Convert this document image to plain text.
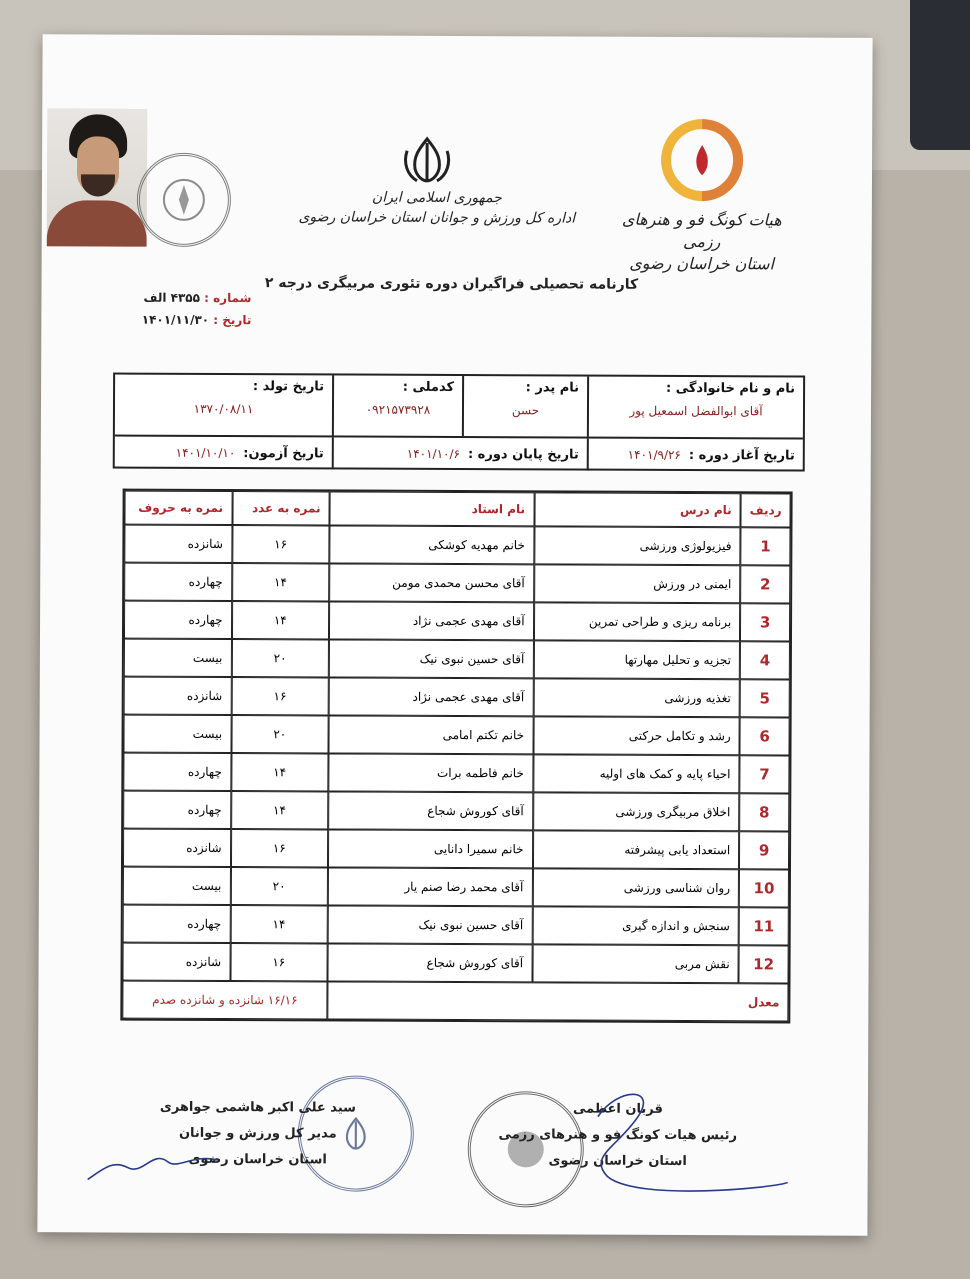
شماره : ۴۳۵۵ الف
تاریخ : ۱۴۰۱/۱۱/۳۰
جمهوری اسلامی ایران
اداره کل ورزش و جوانان استان خراسان رضوی	هیات کونگ فو و هنرهای رزمی
استان خراسان رضوی
کارنامه تحصیلی فراگیران دوره تئوری مربیگری درجه ۲
نام و نام خانوادگی :
آقای ابوالفضل اسمعیل پور
نام پدر :
حسن
کدملی :
۰۹۲۱۵۷۳۹۲۸
تاریخ تولد :
۱۳۷۰/۰۸/۱۱
تاریخ آغاز دوره :
۱۴۰۱/۹/۲۶
تاریخ پایان دوره :
۱۴۰۱/۱۰/۶
تاریخ آزمون:
۱۴۰۱/۱۰/۱۰
ردیف	نام درس	نام استاد	نمره به عدد	نمره به حروف
1	فیزیولوژی ورزشی	خانم مهدیه کوشکی	۱۶	شانزده
2	ایمنی در ورزش	آقای محسن محمدی مومن	۱۴	چهارده
3	برنامه ریزی و طراحی تمرین	آقای مهدی عجمی نژاد	۱۴	چهارده
4	تجزیه و تحلیل مهارتها	آقای حسین نبوی نیک	۲۰	بیست
5	تغذیه ورزشی	آقای مهدی عجمی نژاد	۱۶	شانزده
6	رشد و تکامل حرکتی	خانم تکتم امامی	۲۰	بیست
7	احیاء پایه و کمک های اولیه	خانم فاطمه برات	۱۴	چهارده
8	اخلاق مربیگری ورزشی	آقای کوروش شجاع	۱۴	چهارده
9	استعداد یابی پیشرفته	خانم سمیرا دانایی	۱۶	شانزده
10	روان شناسی ورزشی	آقای محمد رضا صنم یار	۲۰	بیست
11	سنجش و اندازه گیری	آقای حسین نبوی نیک	۱۴	چهارده
12	نقش مربی	آقای کوروش شجاع	۱۶	شانزده
معدل			۱۶/۱۶ شانزده و شانزده صدم	
سید علی اکبر هاشمی جواهری
مدیر کل ورزش و جوانان
استان خراسان رضوی
قربان اعظمی
رئیس هیات کونگ فو و هنرهای رزمی
استان خراسان رضوی
